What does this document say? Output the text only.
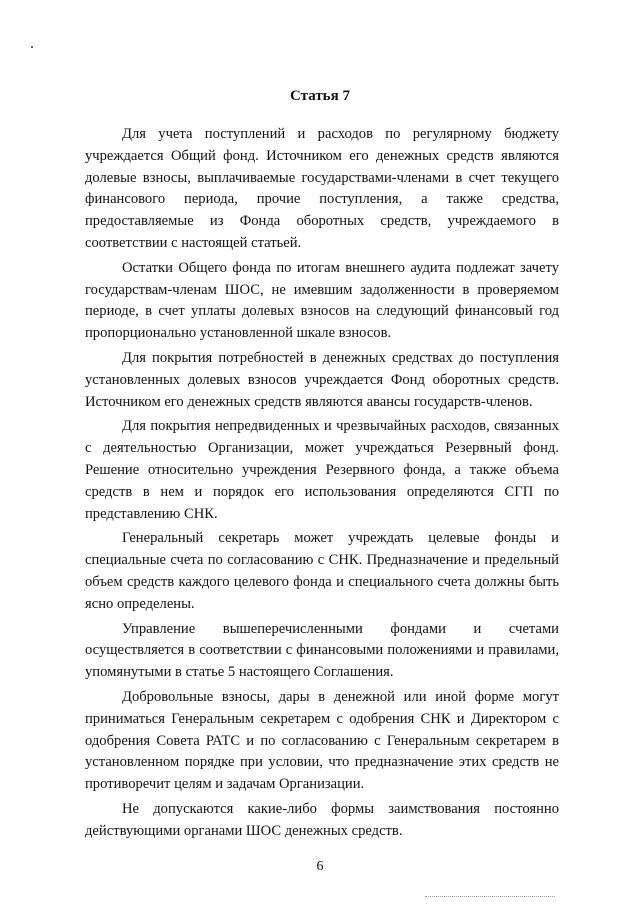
Статья 7

Для учета поступлений и расходов по регулярному бюджету учреждается Общий фонд. Источником его денежных средств являются долевые взносы, выплачиваемые государствами-членами в счет текущего финансового периода, прочие поступления, а также средства, предоставляемые из Фонда оборотных средств, учреждаемого в соответствии с настоящей статьей.

Остатки Общего фонда по итогам внешнего аудита подлежат зачету государствам-членам ШОС, не имевшим задолженности в проверяемом периоде, в счет уплаты долевых взносов на следующий финансовый год пропорционально установленной шкале взносов.

Для покрытия потребностей в денежных средствах до поступления установленных долевых взносов учреждается Фонд оборотных средств. Источником его денежных средств являются авансы государств-членов.

Для покрытия непредвиденных и чрезвычайных расходов, связанных с деятельностью Организации, может учреждаться Резервный фонд. Решение относительно учреждения Резервного фонда, а также объема средств в нем и порядок его использования определяются СГП по представлению СНК.

Генеральный секретарь может учреждать целевые фонды и специальные счета по согласованию с СНК. Предназначение и предельный объем средств каждого целевого фонда и специального счета должны быть ясно определены.

Управление вышеперечисленными фондами и счетами осуществляется в соответствии с финансовыми положениями и правилами, упомянутыми в статье 5 настоящего Соглашения.

Добровольные взносы, дары в денежной или иной форме могут приниматься Генеральным секретарем с одобрения СНК и Директором с одобрения Совета РАТС и по согласованию с Генеральным секретарем в установленном порядке при условии, что предназначение этих средств не противоречит целям и задачам Организации.

Не допускаются какие-либо формы заимствования постоянно действующими органами ШОС денежных средств.

6
